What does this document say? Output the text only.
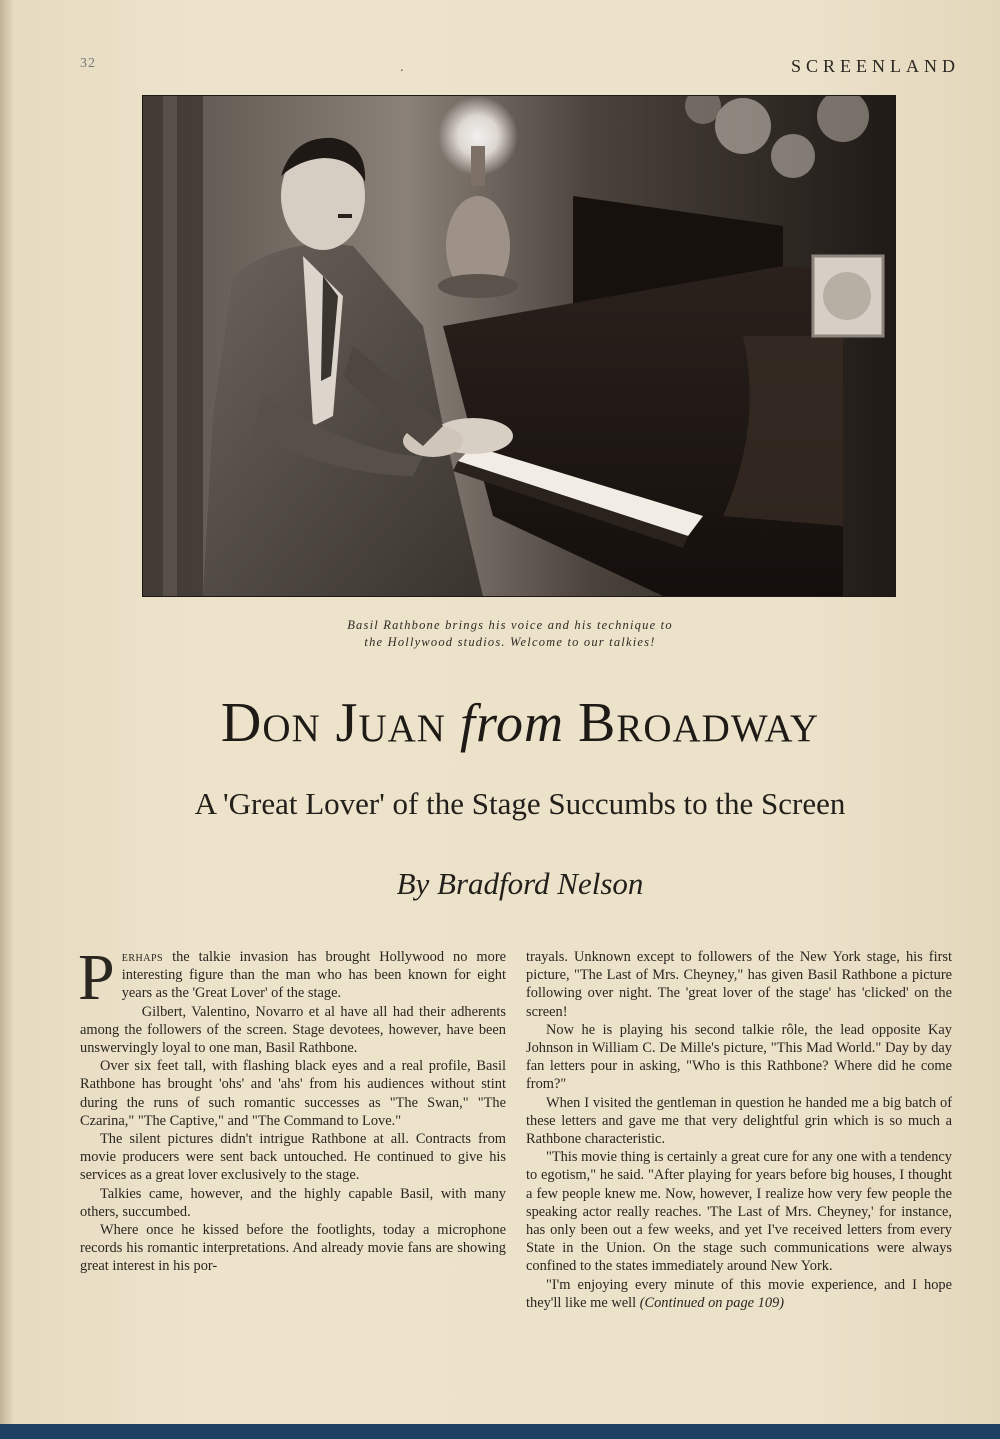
32	.	SCREENLAND
Basil Rathbone brings his voice and his technique to
the Hollywood studios. Welcome to our talkies!
Don Juan from Broadway
A 'Great Lover' of the Stage Succumbs to the Screen
By Bradford Nelson

Perhaps the talkie invasion has brought Hollywood no more interesting figure than the man who has been known for eight years as the 'Great Lover' of the stage.

Gilbert, Valentino, Novarro et al have all had their adherents among the followers of the screen. Stage devotees, however, have been unswervingly loyal to one man, Basil Rathbone.

Over six feet tall, with flashing black eyes and a real profile, Basil Rathbone has brought 'ohs' and 'ahs' from his audiences without stint during the runs of such romantic successes as "The Swan," "The Czarina," "The Captive," and "The Command to Love."

The silent pictures didn't intrigue Rathbone at all. Contracts from movie producers were sent back untouched. He continued to give his services as a great lover exclusively to the stage.

Talkies came, however, and the highly capable Basil, with many others, succumbed.

Where once he kissed before the footlights, today a microphone records his romantic interpretations. And already movie fans are showing great interest in his por-

trayals. Unknown except to followers of the New York stage, his first picture, "The Last of Mrs. Cheyney," has given Basil Rathbone a picture following over night. The 'great lover of the stage' has 'clicked' on the screen!

Now he is playing his second talkie rôle, the lead opposite Kay Johnson in William C. De Mille's picture, "This Mad World." Day by day fan letters pour in asking, "Who is this Rathbone? Where did he come from?"

When I visited the gentleman in question he handed me a big batch of these letters and gave me that very delightful grin which is so much a Rathbone characteristic.

"This movie thing is certainly a great cure for any one with a tendency to egotism," he said. "After playing for years before big houses, I thought a few people knew me. Now, however, I realize how very few people the speaking actor really reaches. 'The Last of Mrs. Cheyney,' for instance, has only been out a few weeks, and yet I've received letters from every State in the Union. On the stage such communications were always confined to the states immediately around New York.

"I'm enjoying every minute of this movie experience, and I hope they'll like me well (Continued on page 109)
